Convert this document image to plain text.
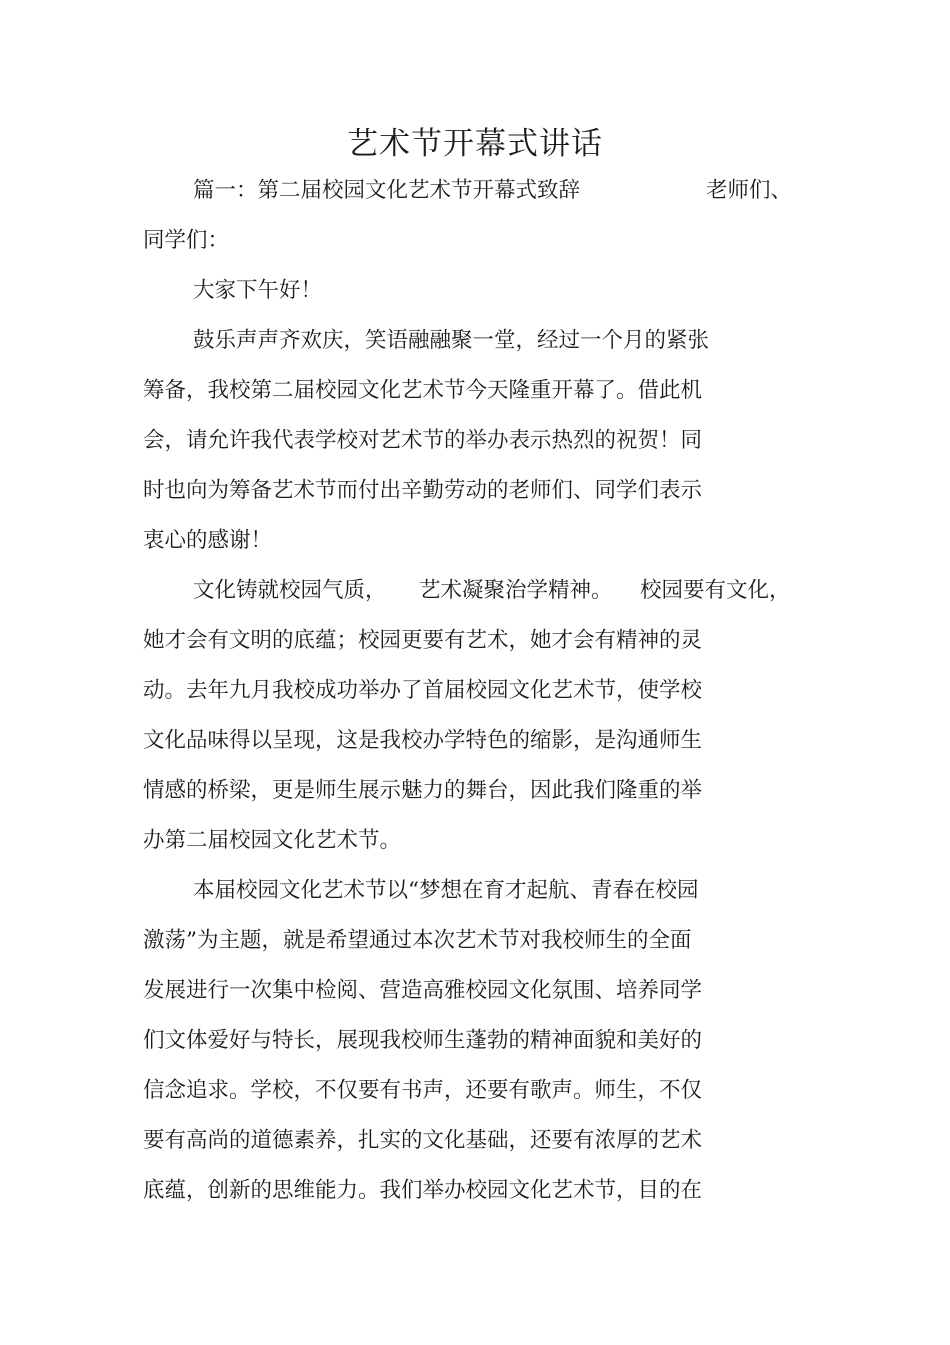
艺术节开幕式讲话
篇一：第二届校园文化艺术节开幕式致辞	老师们、
同学们：
大家下午好！
鼓乐声声齐欢庆，笑语融融聚一堂，经过一个月的紧张
筹备，我校第二届校园文化艺术节今天隆重开幕了。借此机
会，请允许我代表学校对艺术节的举办表示热烈的祝贺！同
时也向为筹备艺术节而付出辛勤劳动的老师们、同学们表示
衷心的感谢！
文化铸就校园气质， 艺术凝聚治学精神。 校园要有文化，
她才会有文明的底蕴；校园更要有艺术，她才会有精神的灵
动。去年九月我校成功举办了首届校园文化艺术节，使学校
文化品味得以呈现，这是我校办学特色的缩影，是沟通师生
情感的桥梁，更是师生展示魅力的舞台，因此我们隆重的举
办第二届校园文化艺术节。
本届校园文化艺术节以“梦想在育才起航、青春在校园
激荡”为主题，就是希望通过本次艺术节对我校师生的全面
发展进行一次集中检阅、营造高雅校园文化氛围、培养同学
们文体爱好与特长，展现我校师生蓬勃的精神面貌和美好的
信念追求。学校，不仅要有书声，还要有歌声。师生，不仅
要有高尚的道德素养，扎实的文化基础，还要有浓厚的艺术
底蕴，创新的思维能力。我们举办校园文化艺术节，目的在
